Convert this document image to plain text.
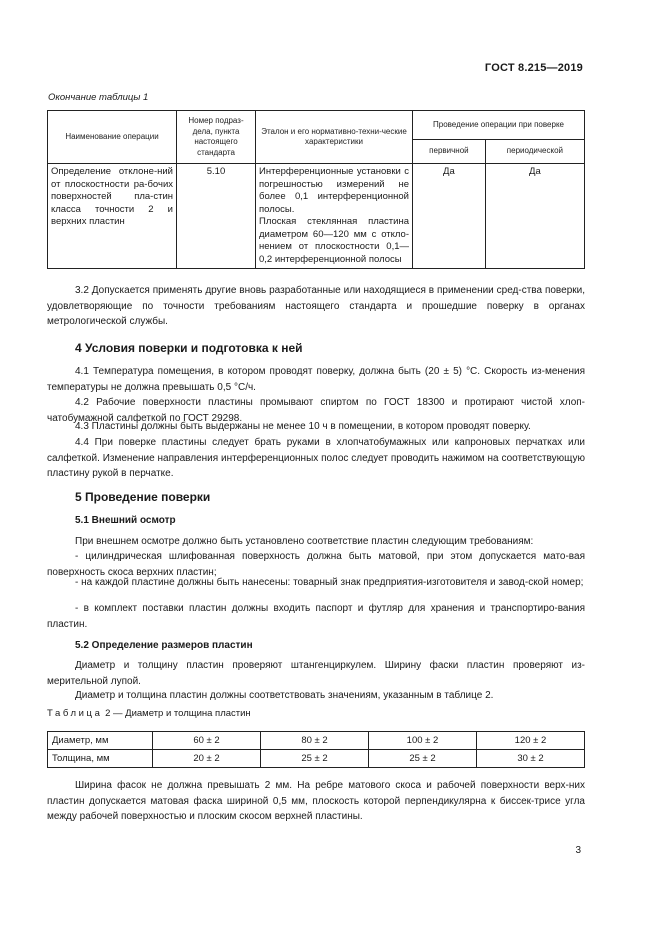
ГОСТ 8.215—2019
Окончание таблицы 1
Наименование операции	Номер подраз-дела, пункта настоящего стандарта	Эталон и его нормативно-техни-ческие характеристики	Проведение операции при поверке	
			первичной	периодической
Определение отклоне-ний от плоскостности ра-бочих поверхностей пла-стин класса точности 2 и верхних пластин	5.10	Интерференционные установки с погрешностью измерений не более 0,1 интерференционной полосы.
Плоская стеклянная пластина диаметром 60—120 мм с откло-нением от плоскостности 0,1—0,2 интерференционной полосы	Да	Да

3.2 Допускается применять другие вновь разработанные или находящиеся в применении сред-ства поверки, удовлетворяющие по точности требованиям настоящего стандарта и прошедшие поверку в органах метрологической службы.

4 Условия поверки и подготовка к ней

4.1 Температура помещения, в котором проводят поверку, должна быть (20 ± 5) °С. Скорость из-менения температуры не должна превышать 0,5 °С/ч.

4.2 Рабочие поверхности пластины промывают спиртом по ГОСТ 18300 и протирают чистой хлоп-чатобумажной салфеткой по ГОСТ 29298.

4.3 Пластины должны быть выдержаны не менее 10 ч в помещении, в котором проводят поверку.

4.4 При поверке пластины следует брать руками в хлопчатобумажных или капроновых перчатках или салфеткой. Изменение направления интерференционных полос следует проводить нажимом на соответствующую пластину рукой в перчатке.

5 Проведение поверки
5.1 Внешний осмотр

При внешнем осмотре должно быть установлено соответствие пластин следующим требованиям:

- цилиндрическая шлифованная поверхность должна быть матовой, при этом допускается мато-вая поверхность скоса верхних пластин;

- на каждой пластине должны быть нанесены: товарный знак предприятия-изготовителя и завод-ской номер;

- в комплект поставки пластин должны входить паспорт и футляр для хранения и транспортиро-вания пластин.

5.2 Определение размеров пластин

Диаметр и толщину пластин проверяют штангенциркулем. Ширину фаски пластин проверяют из-мерительной лупой.

Диаметр и толщина пластин должны соответствовать значениям, указанным в таблице 2.

Таблица 2 — Диаметр и толщина пластин
Диаметр, мм	60 ± 2	80 ± 2	100 ± 2	120 ± 2
Толщина, мм	20 ± 2	25 ± 2	25 ± 2	30 ± 2

Ширина фасок не должна превышать 2 мм. На ребре матового скоса и рабочей поверхности верх-них пластин допускается матовая фаска шириной 0,5 мм, плоскость которой перпендикулярна к биссек-трисе угла между рабочей поверхностью и плоским скосом верхней пластины.

3
